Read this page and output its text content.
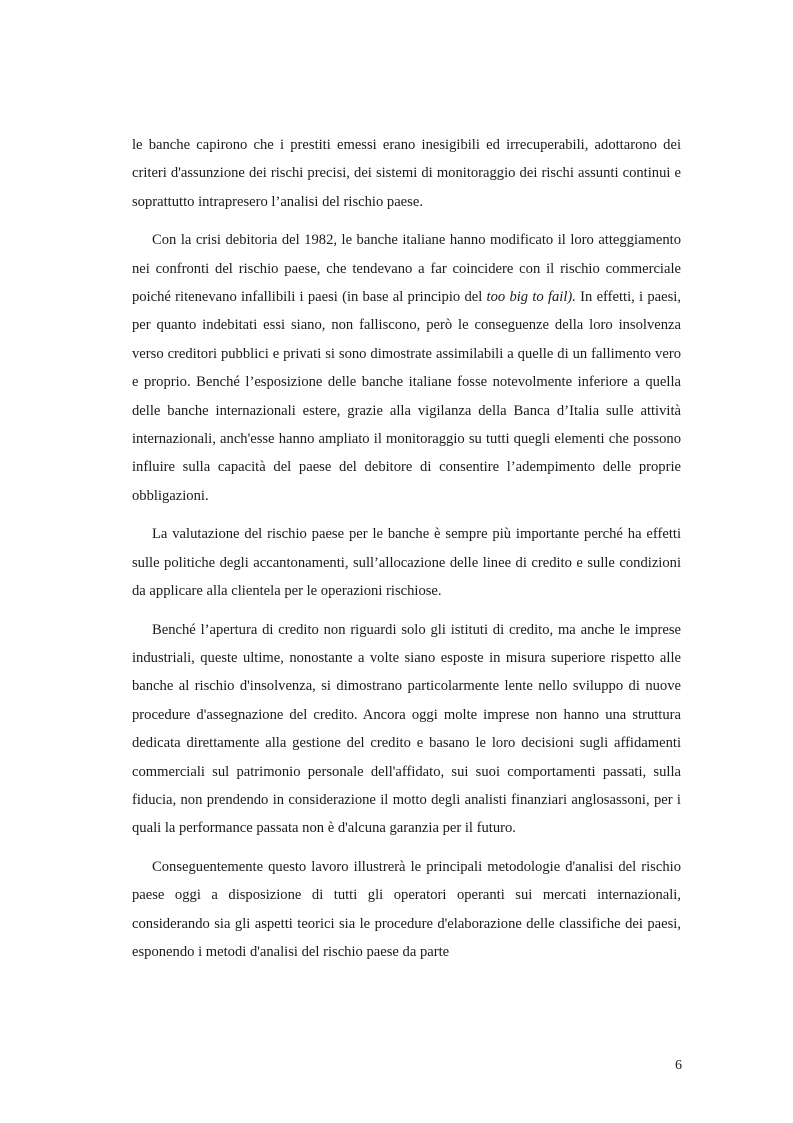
le banche capirono che i prestiti emessi erano inesigibili ed irrecuperabili, adottarono dei criteri d'assunzione dei rischi precisi, dei sistemi di monitoraggio dei rischi assunti continui e soprattutto intrapresero l’analisi del rischio paese.

Con la crisi debitoria del 1982, le banche italiane hanno modificato il loro atteggiamento nei confronti del rischio paese, che tendevano a far coincidere con il rischio commerciale poiché ritenevano infallibili i paesi (in base al principio del too big to fail). In effetti, i paesi, per quanto indebitati essi siano, non falliscono, però le conseguenze della loro insolvenza verso creditori pubblici e privati si sono dimostrate assimilabili a quelle di un fallimento vero e proprio. Benché l’esposizione delle banche italiane fosse notevolmente inferiore a quella delle banche internazionali estere, grazie alla vigilanza della Banca d’Italia sulle attività internazionali, anch'esse hanno ampliato il monitoraggio su tutti quegli elementi che possono influire sulla capacità del paese del debitore di consentire l’adempimento delle proprie obbligazioni.

La valutazione del rischio paese per le banche è sempre più importante perché ha effetti sulle politiche degli accantonamenti, sull’allocazione delle linee di credito e sulle condizioni da applicare alla clientela per le operazioni rischiose.

Benché l’apertura di credito non riguardi solo gli istituti di credito, ma anche le imprese industriali, queste ultime, nonostante a volte siano esposte in misura superiore rispetto alle banche al rischio d'insolvenza, si dimostrano particolarmente lente nello sviluppo di nuove procedure d'assegnazione del credito. Ancora oggi molte imprese non hanno una struttura dedicata direttamente alla gestione del credito e basano le loro decisioni sugli affidamenti commerciali sul patrimonio personale dell'affidato, sui suoi comportamenti passati, sulla fiducia, non prendendo in considerazione il motto degli analisti finanziari anglosassoni, per i quali la performance passata non è d'alcuna garanzia per il futuro.

Conseguentemente questo lavoro illustrerà le principali metodologie d'analisi del rischio paese oggi a disposizione di tutti gli operatori operanti sui mercati internazionali, considerando sia gli aspetti teorici sia le procedure d'elaborazione delle classifiche dei paesi, esponendo i metodi d'analisi del rischio paese da parte

6
